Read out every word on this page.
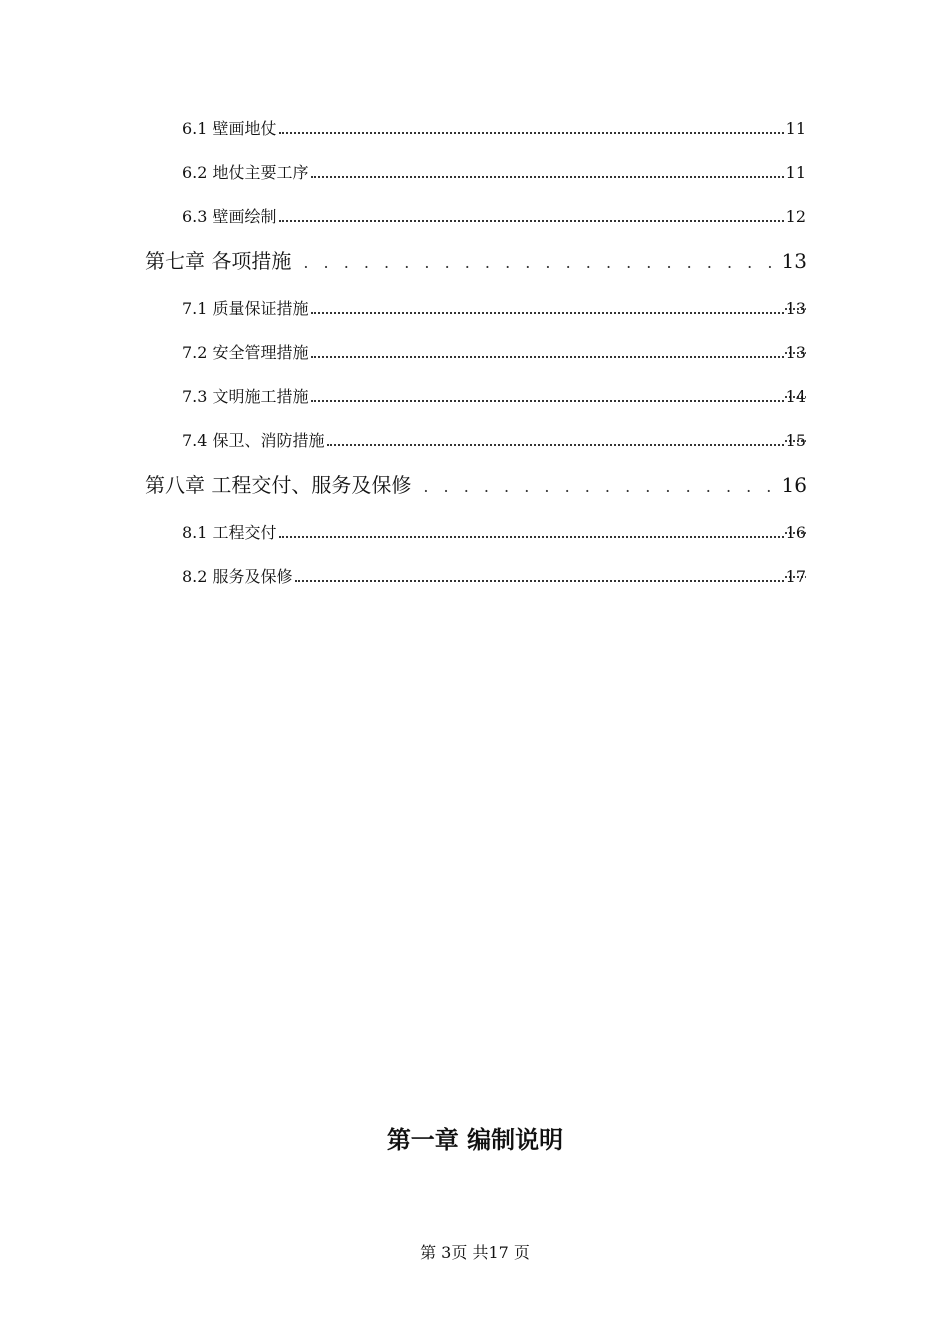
6.1 壁画地仗	11
6.2 地仗主要工序	11
6.3 壁画绘制	12
第七章 各项措施 . . .	13
7.1 质量保证措施	13
7.2 安全管理措施	13
7.3 文明施工措施	14
7.4 保卫、消防措施	15
第八章 工程交付、服务及保修 . . .	16
8.1 工程交付	16
8.2 服务及保修	17
第一章 编制说明
第 3页 共17 页
